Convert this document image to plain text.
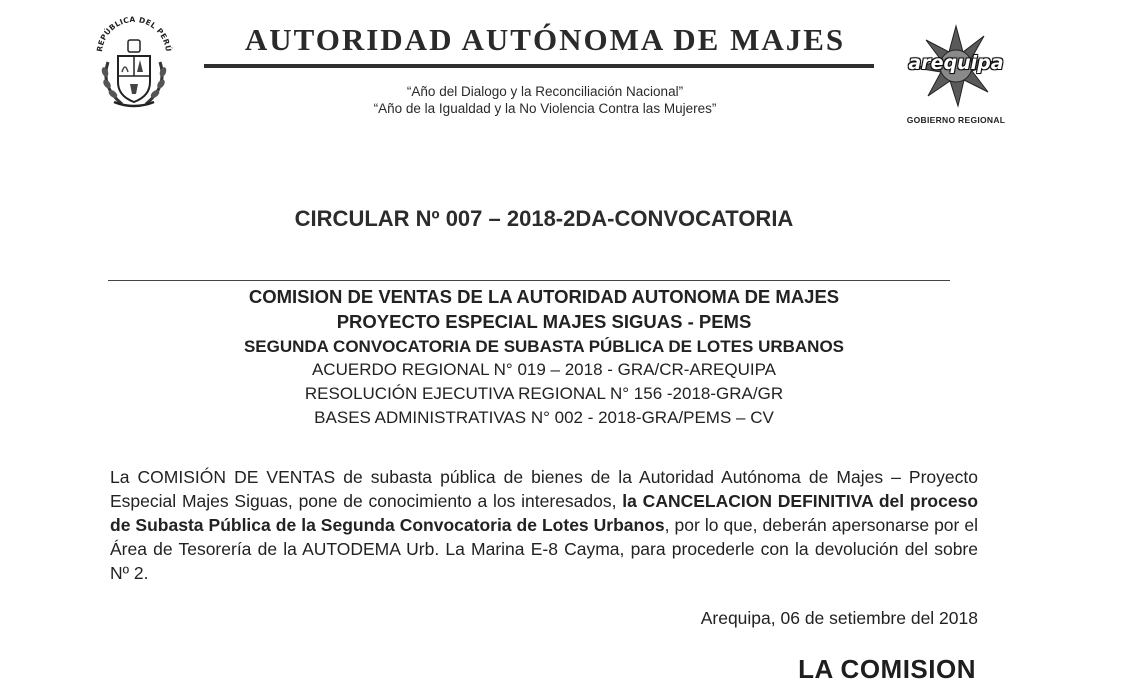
REPÚBLICA DEL PERÚ	AUTORIDAD AUTÓNOMA DE MAJES
“Año del Dialogo y la Reconciliación Nacional”
“Año de la Igualdad y la No Violencia Contra las Mujeres”
arequipa
GOBIERNO REGIONAL
CIRCULAR Nº 007 – 2018-2DA-CONVOCATORIA
COMISION DE VENTAS DE LA AUTORIDAD AUTONOMA DE MAJES
PROYECTO ESPECIAL MAJES SIGUAS - PEMS
SEGUNDA CONVOCATORIA DE SUBASTA PÚBLICA DE LOTES URBANOS
ACUERDO REGIONAL N° 019 – 2018 - GRA/CR-AREQUIPA
RESOLUCIÓN EJECUTIVA REGIONAL N° 156 -2018-GRA/GR
BASES ADMINISTRATIVAS N° 002 - 2018-GRA/PEMS – CV
La COMISIÓN DE VENTAS de subasta pública de bienes de la Autoridad Autónoma de Majes – Proyecto Especial Majes Siguas, pone de conocimiento a los interesados, la CANCELACION DEFINITIVA del proceso de Subasta Pública de la Segunda Convocatoria de Lotes Urbanos, por lo que, deberán apersonarse por el Área de Tesorería de la AUTODEMA Urb. La Marina E-8 Cayma, para procederle con la devolución del sobre Nº 2.
Arequipa, 06 de setiembre del 2018
LA COMISION
